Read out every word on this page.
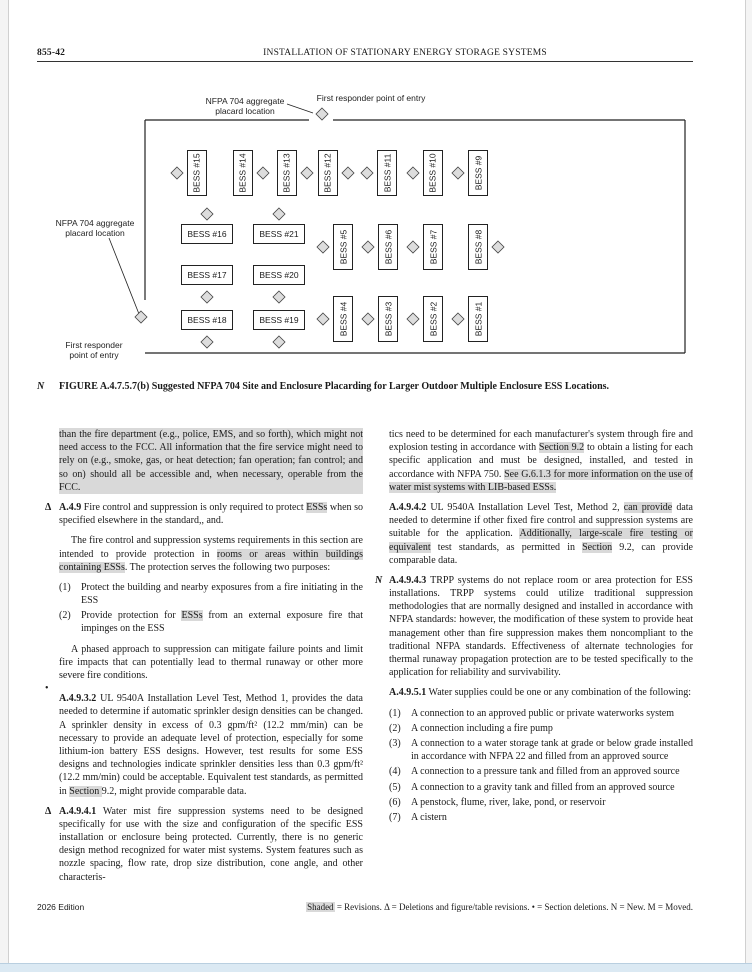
855-42	INSTALLATION OF STATIONARY ENERGY STORAGE SYSTEMS
NFPA 704 aggregate
placard location
First responder point of entry
NFPA 704 aggregate
placard location
First responder
point of entry
BESS #15	BESS #14	BESS #13	BESS #12	BESS #11	BESS #10	BESS #9
BESS #16	BESS #21
BESS #17	BESS #20
BESS #18	BESS #19
BESS #5	BESS #6	BESS #7	BESS #8
BESS #4	BESS #3	BESS #2	BESS #1
N	FIGURE A.4.7.5.7(b) Suggested NFPA 704 Site and Enclosure Placarding for Larger Outdoor Multiple Enclosure ESS Locations.

than the fire department (e.g., police, EMS, and so forth), which might not need access to the FCC. All information that the fire service might need to rely on (e.g., smoke, gas, or heat detection; fan operation; fan control; and so on) should all be accessible and, when necessary, operable from the FCC.

Δ A.4.9 Fire control and suppression is only required to protect ESSs when so specified elsewhere in the standard,, and.

The fire control and suppression systems requirements in this section are intended to provide protection in rooms or areas within buildings containing ESSs. The protection serves the following two purposes:

(1) Protect the building and nearby exposures from a fire initiating in the ESS
(2) Provide protection for ESSs from an external exposure fire that impinges on the ESS

A phased approach to suppression can mitigate failure points and limit fire impacts that can potentially lead to thermal runaway or other more severe fire conditions.

•
A.4.9.3.2 UL 9540A Installation Level Test, Method 1, provides the data needed to determine if automatic sprinkler design densities can be changed. A sprinkler density in excess of 0.3 gpm/ft² (12.2 mm/min) can be necessary to provide an adequate level of protection, especially for some lithium-ion battery ESS designs. However, test results for some ESS designs and technologies indicate sprinkler densities less than 0.3 gpm/ft² (12.2 mm/min) could be acceptable. Equivalent test standards, as permitted in Section 9.2, might provide comparable data.

Δ A.4.9.4.1 Water mist fire suppression systems need to be designed specifically for use with the size and configuration of the specific ESS installation or enclosure being protected. Currently, there is no generic design method recognized for water mist systems. System features such as nozzle spacing, flow rate, drop size distribution, cone angle, and other characteris-

tics need to be determined for each manufacturer's system through fire and explosion testing in accordance with Section 9.2 to obtain a listing for each specific application and must be designed, installed, and tested in accordance with NFPA 750. See G.6.1.3 for more information on the use of water mist systems with LIB-based ESSs.

A.4.9.4.2 UL 9540A Installation Level Test, Method 2, can provide data needed to determine if other fixed fire control and suppression systems are suitable for the application. Additionally, large-scale fire testing or equivalent test standards, as permitted in Section 9.2, can provide comparable data.

N A.4.9.4.3 TRPP systems do not replace room or area protection for ESS installations. TRPP systems could utilize traditional suppression methodologies that are normally designed and installed in accordance with NFPA standards: however, the modification of these system to provide heat management other than fire suppression makes them noncompliant to the traditional NFPA standards. Effectiveness of alternate technologies for thermal runaway propagation protection are to be tested specifically to the application for reliability and survivability.

A.4.9.5.1 Water supplies could be one or any combination of the following:

(1) A connection to an approved public or private waterworks system
(2) A connection including a fire pump
(3) A connection to a water storage tank at grade or below grade installed in accordance with NFPA 22 and filled from an approved source
(4) A connection to a pressure tank and filled from an approved source
(5) A connection to a gravity tank and filled from an approved source
(6) A penstock, flume, river, lake, pond, or reservoir
(7) A cistern
2026 Edition	Shaded = Revisions. Δ = Deletions and figure/table revisions. • = Section deletions. N = New. M = Moved.
